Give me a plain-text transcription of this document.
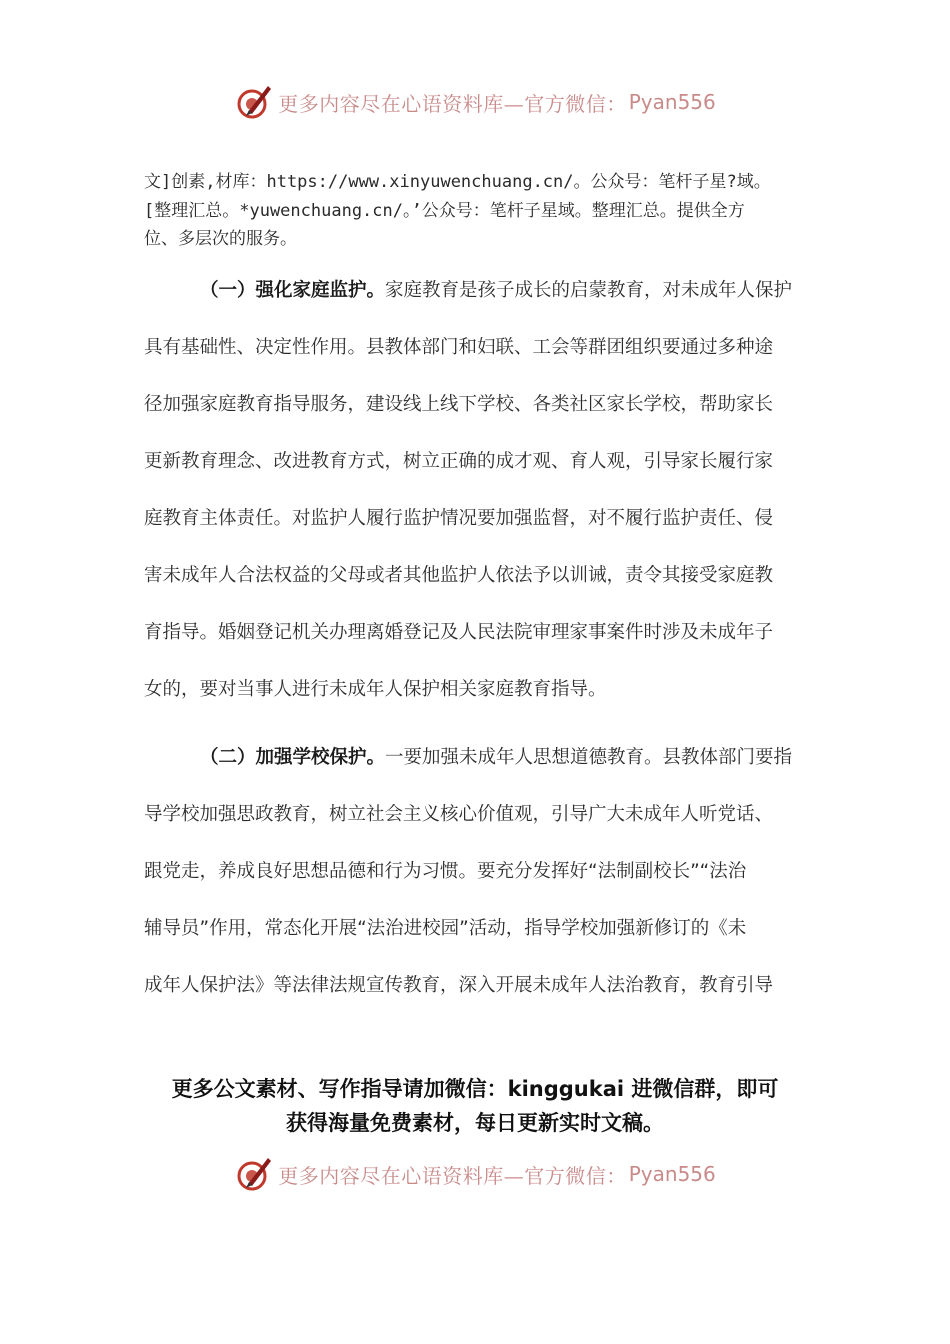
更多内容尽在心语资料库—官方微信： Pyan556
文]创素,材库：https://www.xinyuwenchuang.cn/。公众号：笔杆子星?域。
[整理汇总。*yuwenchuang.cn/。’公众号：笔杆子星域。整理汇总。提供全方
位、多层次的服务。
（一）强化家庭监护。家庭教育是孩子成长的启蒙教育，对未成年人保护
具有基础性、决定性作用。县教体部门和妇联、工会等群团组织要通过多种途
径加强家庭教育指导服务，建设线上线下学校、各类社区家长学校，帮助家长
更新教育理念、改进教育方式，树立正确的成才观、育人观，引导家长履行家
庭教育主体责任。对监护人履行监护情况要加强监督，对不履行监护责任、侵
害未成年人合法权益的父母或者其他监护人依法予以训诫，责令其接受家庭教
育指导。婚姻登记机关办理离婚登记及人民法院审理家事案件时涉及未成年子
女的，要对当事人进行未成年人保护相关家庭教育指导。
（二）加强学校保护。一要加强未成年人思想道德教育。县教体部门要指
导学校加强思政教育，树立社会主义核心价值观，引导广大未成年人听党话、
跟党走，养成良好思想品德和行为习惯。要充分发挥好“法制副校长”“法治
辅导员”作用，常态化开展“法治进校园”活动，指导学校加强新修订的《未
成年人保护法》等法律法规宣传教育，深入开展未成年人法治教育，教育引导
更多公文素材、写作指导请加微信：kinggukai 进微信群，即可
获得海量免费素材，每日更新实时文稿。
更多内容尽在心语资料库—官方微信： Pyan556
